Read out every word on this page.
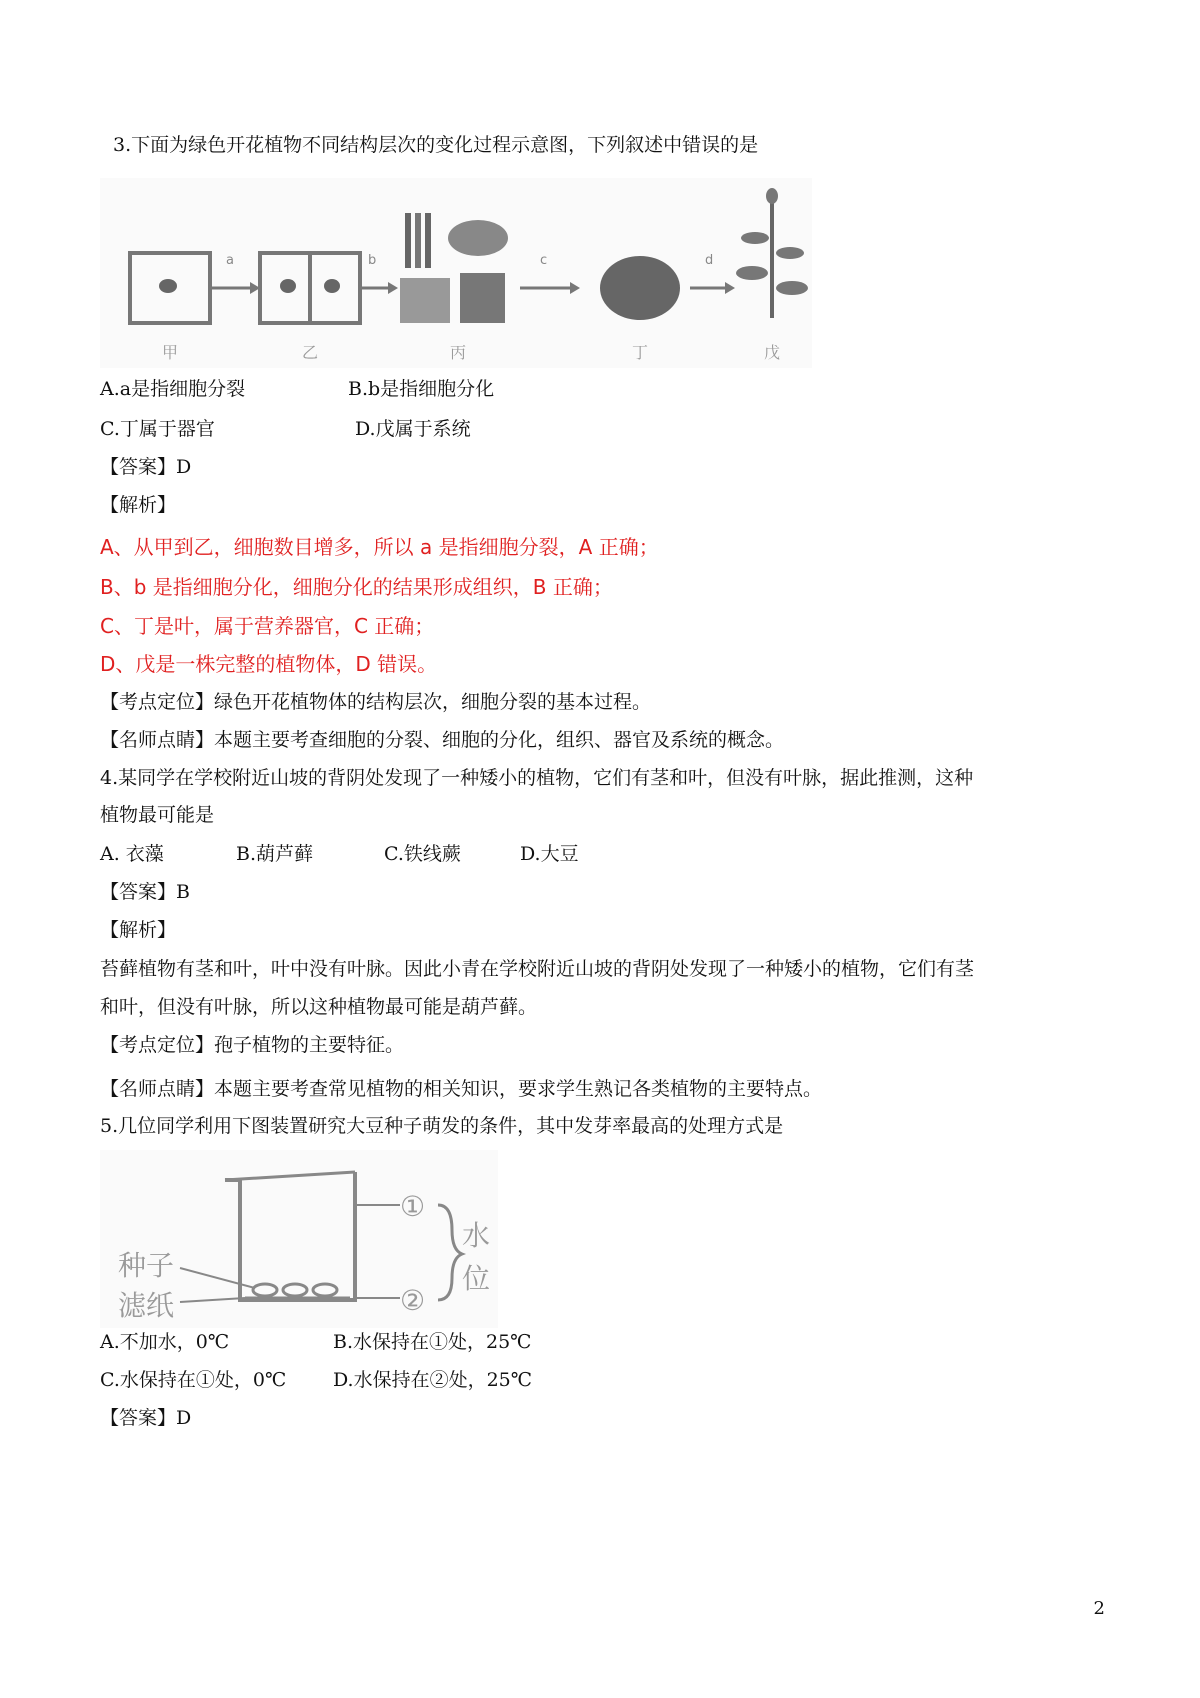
3.下面为绿色开花植物不同结构层次的变化过程示意图，下列叙述中错误的是
a	b	c	d
甲	乙	丙	丁	戊
A.a是指细胞分裂	B.b是指细胞分化
C.丁属于器官	D.戊属于系统
【答案】D
【解析】
A、从甲到乙，细胞数目增多，所以 a 是指细胞分裂，A 正确；
B、b 是指细胞分化，细胞分化的结果形成组织，B 正确；
C、丁是叶，属于营养器官，C 正确；
D、戊是一株完整的植物体，D 错误。
【考点定位】绿色开花植物体的结构层次，细胞分裂的基本过程。
【名师点睛】本题主要考查细胞的分裂、细胞的分化，组织、器官及系统的概念。
4.某同学在学校附近山坡的背阴处发现了一种矮小的植物，它们有茎和叶，但没有叶脉，据此推测，这种
植物最可能是
A. 衣藻	B.葫芦藓	C.铁线蕨	D.大豆
【答案】B
【解析】
苔藓植物有茎和叶，叶中没有叶脉。因此小青在学校附近山坡的背阴处发现了一种矮小的植物，它们有茎
和叶，但没有叶脉，所以这种植物最可能是葫芦藓。
【考点定位】孢子植物的主要特征。
【名师点睛】本题主要考查常见植物的相关知识，要求学生熟记各类植物的主要特点。
5.几位同学利用下图装置研究大豆种子萌发的条件，其中发芽率最高的处理方式是
种子
滤纸
①
②
水
位
A.不加水，0℃	B.水保持在①处，25℃
C.水保持在①处，0℃ D.水保持在②处，25℃
【答案】D
2
